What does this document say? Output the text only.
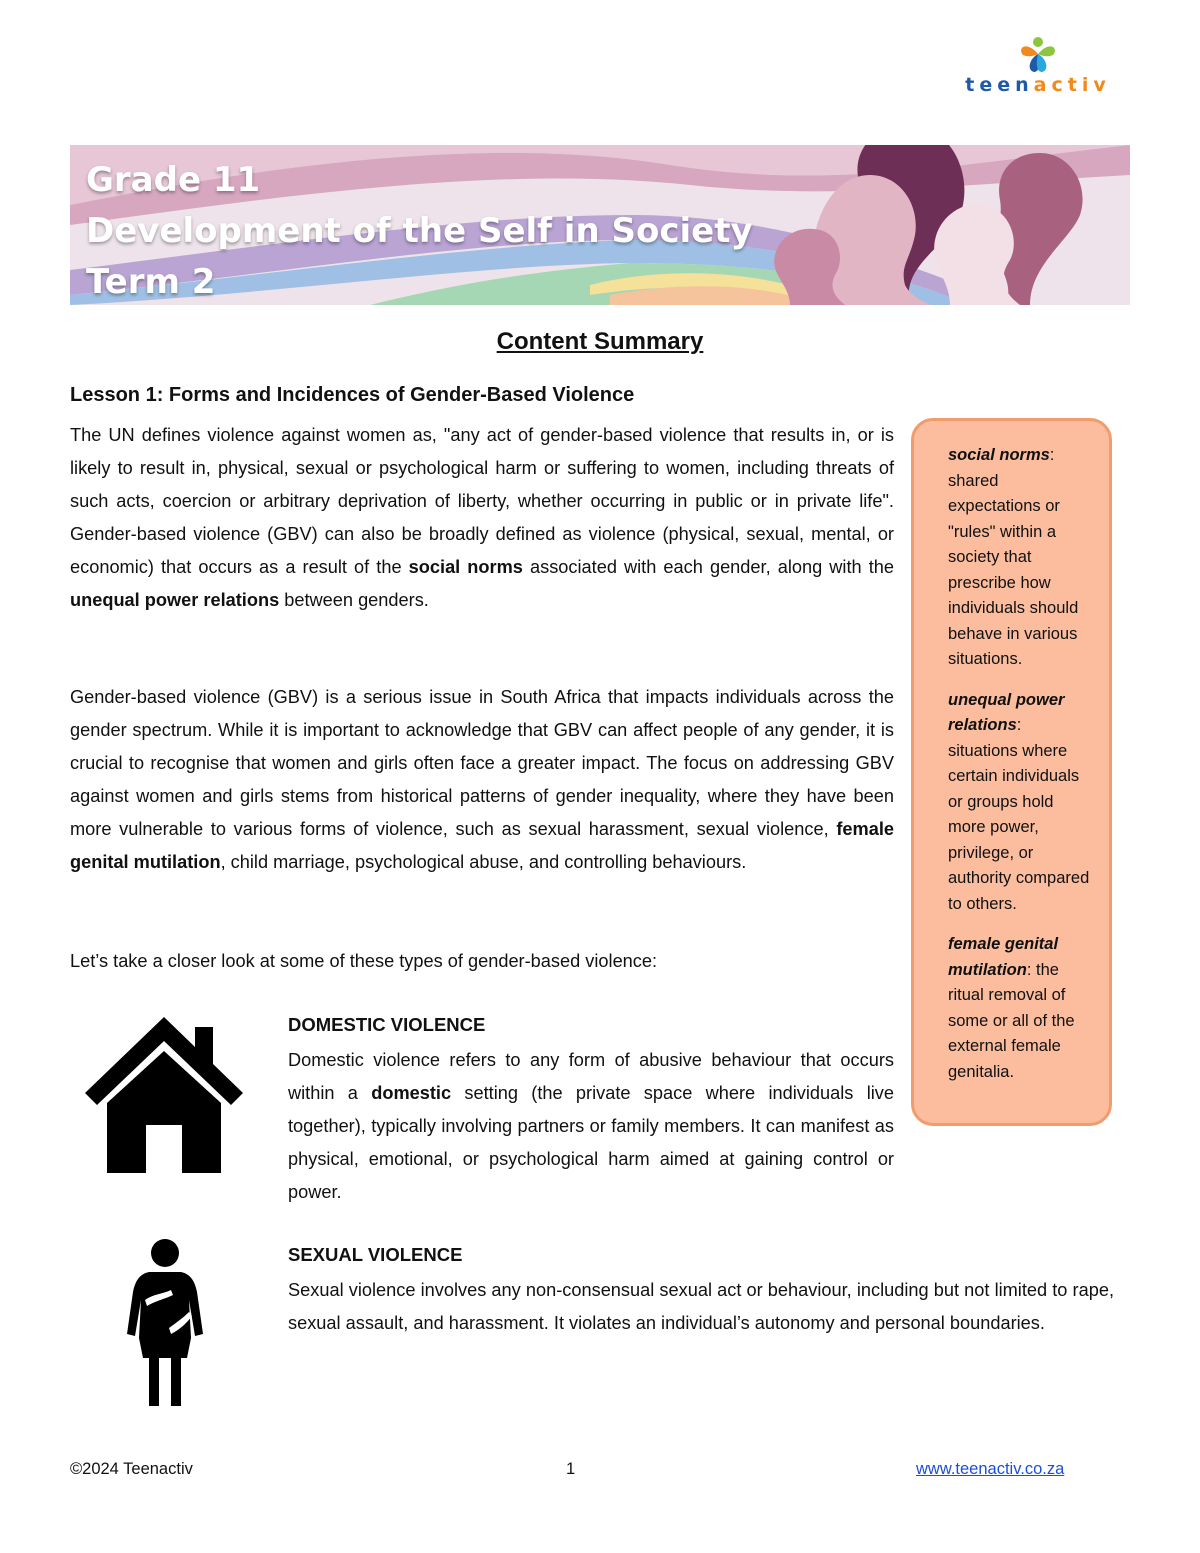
teenactiv
Grade 11
Development of the Self in Society
Term 2
Content Summary
Lesson 1: Forms and Incidences of Gender-Based Violence
The UN defines violence against women as, "any act of gender-based violence that results in, or is likely to result in, physical, sexual or psychological harm or suffering to women, including threats of such acts, coercion or arbitrary deprivation of liberty, whether occurring in public or in private life". Gender-based violence (GBV) can also be broadly defined as violence (physical, sexual, mental, or economic) that occurs as a result of the social norms associated with each gender, along with the unequal power relations between genders.
Gender-based violence (GBV) is a serious issue in South Africa that impacts individuals across the gender spectrum. While it is important to acknowledge that GBV can affect people of any gender, it is crucial to recognise that women and girls often face a greater impact. The focus on addressing GBV against women and girls stems from historical patterns of gender inequality, where they have been more vulnerable to various forms of violence, such as sexual harassment, sexual violence, female genital mutilation, child marriage, psychological abuse, and controlling behaviours.
Let’s take a closer look at some of these types of gender-based violence:

social norms: shared expectations or "rules" within a society that prescribe how individuals should behave in various situations.

unequal power relations: situations where certain individuals or groups hold more power, privilege, or authority compared to others.

female genital mutilation: the ritual removal of some or all of the external female genitalia.

DOMESTIC VIOLENCE
Domestic violence refers to any form of abusive behaviour that occurs within a domestic setting (the private space where individuals live together), typically involving partners or family members. It can manifest as physical, emotional, or psychological harm aimed at gaining control or power.
SEXUAL VIOLENCE
Sexual violence involves any non-consensual sexual act or behaviour, including but not limited to rape, sexual assault, and harassment. It violates an individual’s autonomy and personal boundaries.
©2024 Teenactiv	1	www.teenactiv.co.za
